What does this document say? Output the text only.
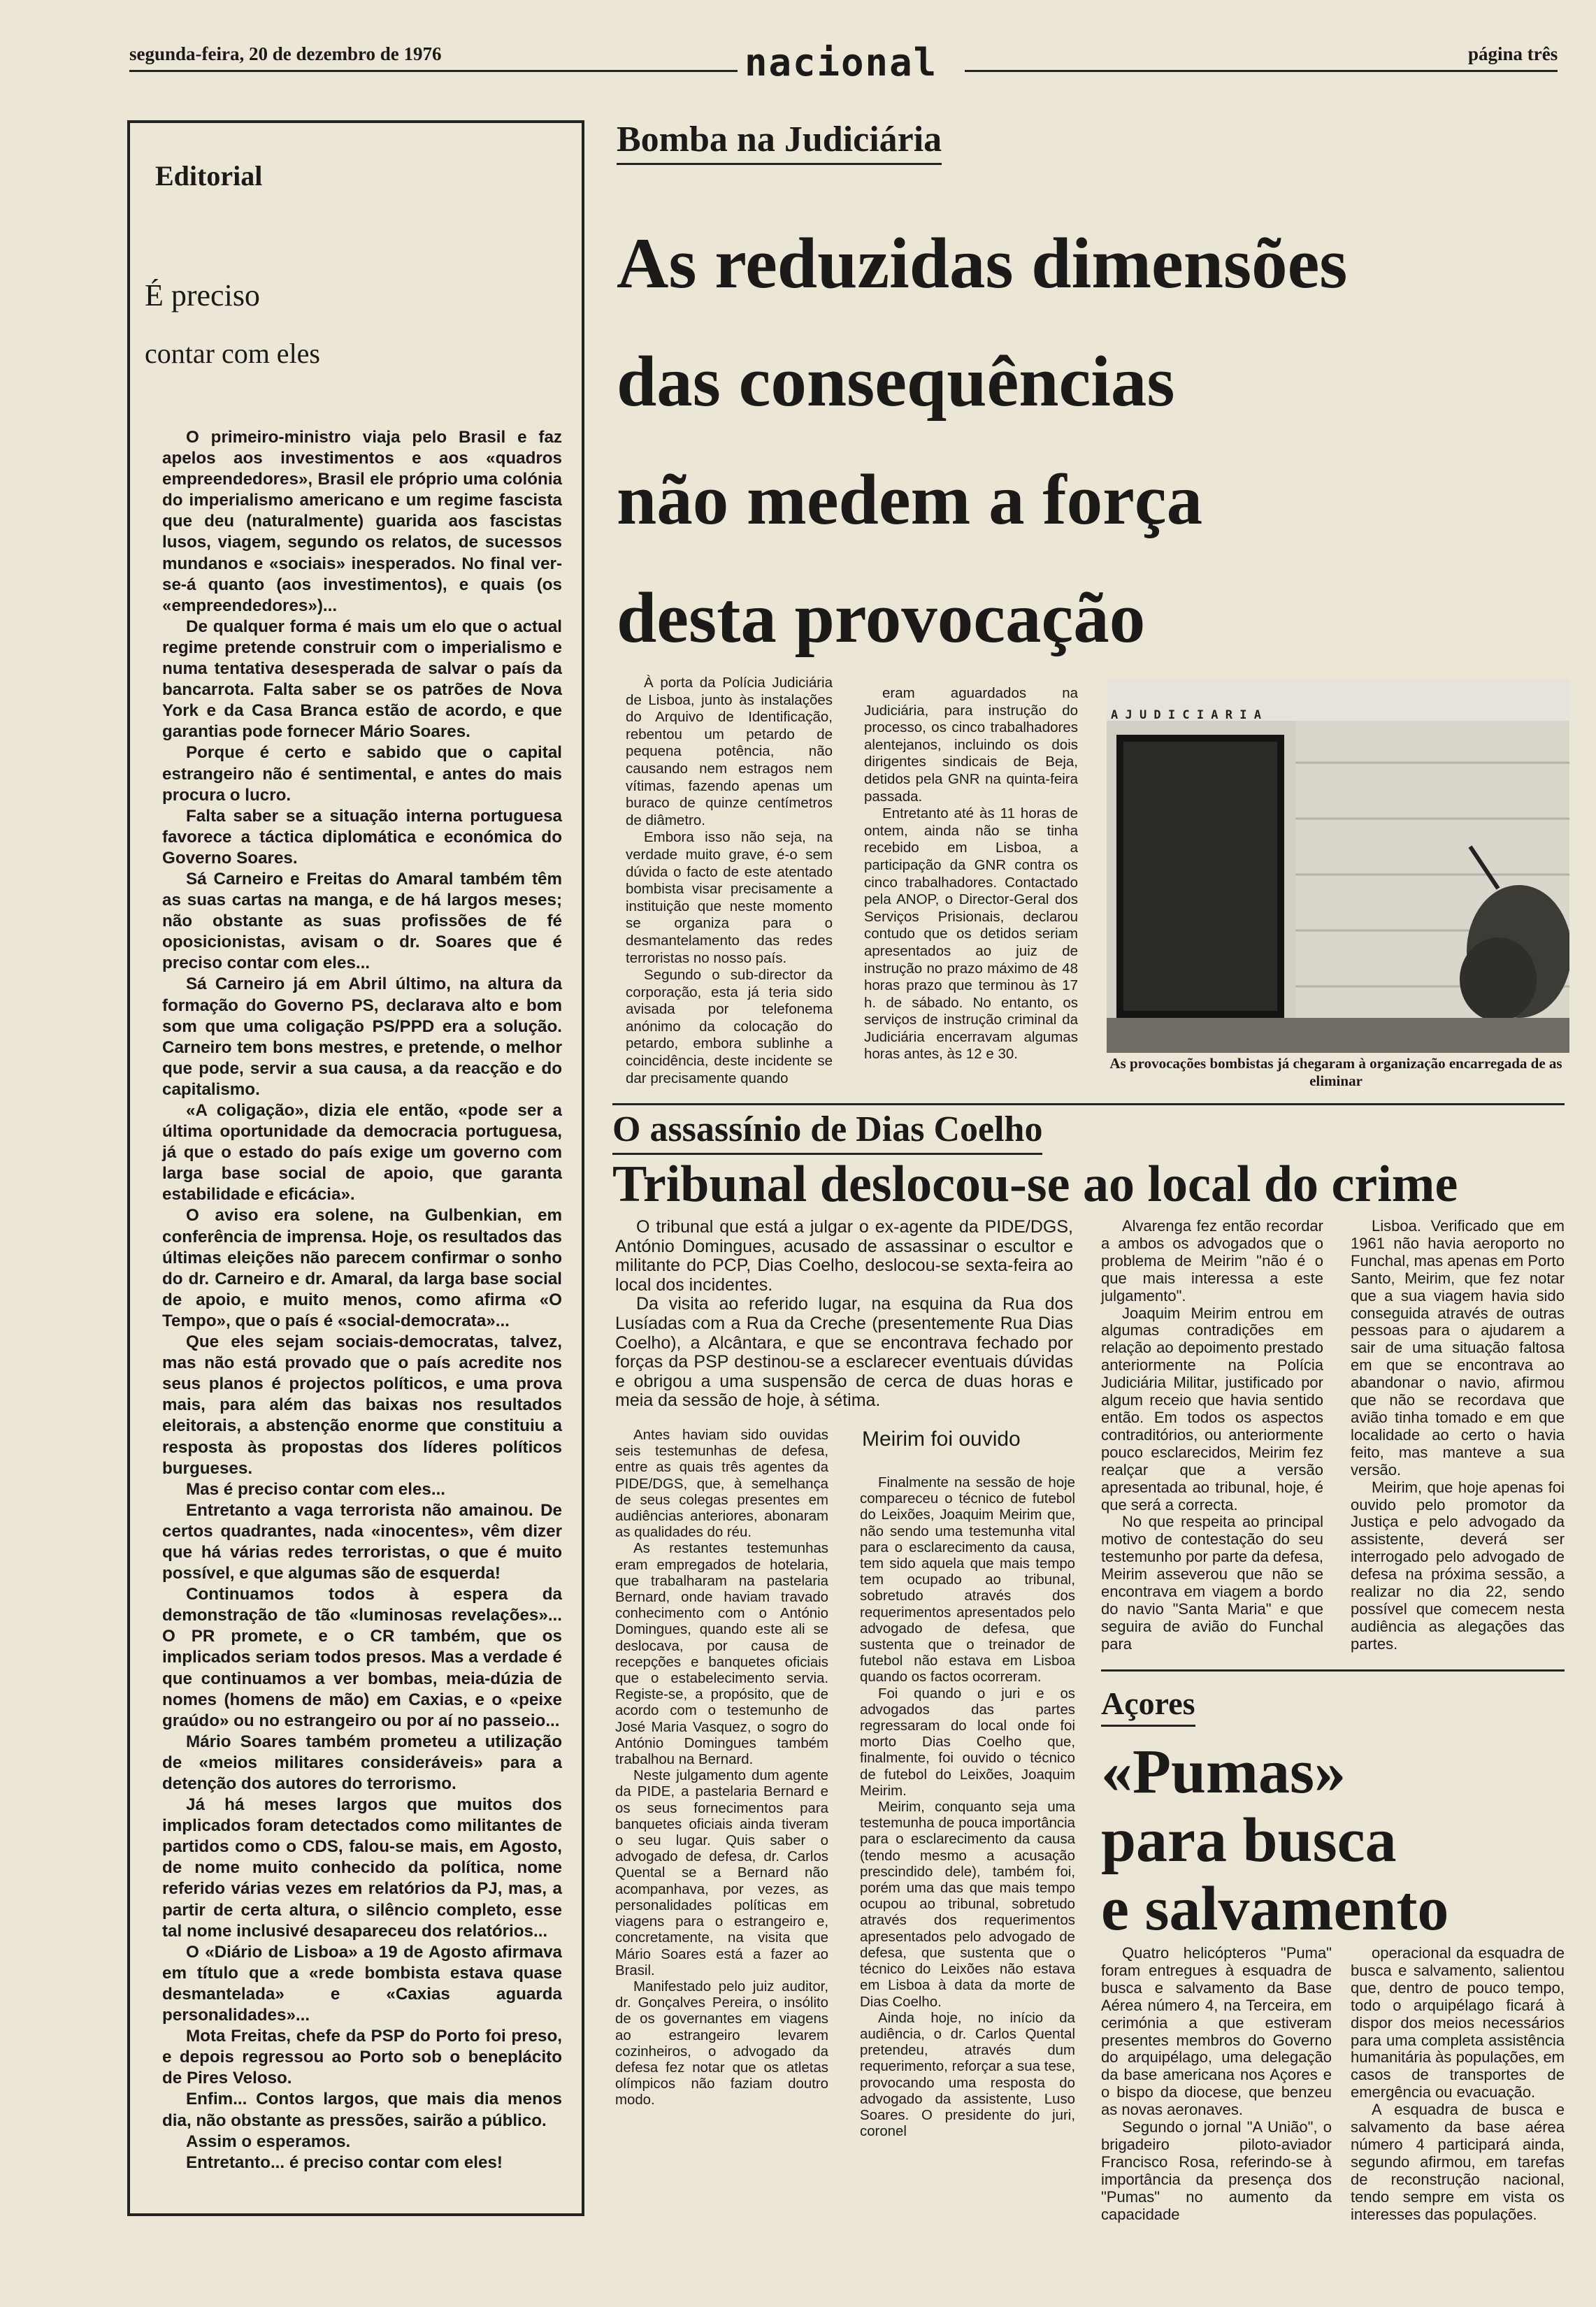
segunda-feira, 20 de dezembro de 1976	nacional	página três
Editorial
É preciso
contar com eles

O primeiro-ministro viaja pelo Brasil e faz apelos aos investimentos e aos «quadros empreendedores», Brasil ele próprio uma colónia do imperialismo americano e um regime fascista que deu (naturalmente) guarida aos fascistas lusos, viagem, segundo os relatos, de sucessos mundanos e «sociais» inesperados. No final ver-se-á quanto (aos investimentos), e quais (os «empreendedores»)...

De qualquer forma é mais um elo que o actual regime pretende construir com o imperialismo e numa tentativa desesperada de salvar o país da bancarrota. Falta saber se os patrões de Nova York e da Casa Branca estão de acordo, e que garantias pode fornecer Mário Soares.

Porque é certo e sabido que o capital estrangeiro não é sentimental, e antes do mais procura o lucro.

Falta saber se a situação interna portuguesa favorece a táctica diplomática e económica do Governo Soares.

Sá Carneiro e Freitas do Amaral também têm as suas cartas na manga, e de há largos meses; não obstante as suas profissões de fé oposicionistas, avisam o dr. Soares que é preciso contar com eles...

Sá Carneiro já em Abril último, na altura da formação do Governo PS, declarava alto e bom som que uma coligação PS/PPD era a solução. Carneiro tem bons mestres, e pretende, o melhor que pode, servir a sua causa, a da reacção e do capitalismo.

«A coligação», dizia ele então, «pode ser a última oportunidade da democracia portuguesa, já que o estado do país exige um governo com larga base social de apoio, que garanta estabilidade e eficácia».

O aviso era solene, na Gulbenkian, em conferência de imprensa. Hoje, os resultados das últimas eleições não parecem confirmar o sonho do dr. Carneiro e dr. Amaral, da larga base social de apoio, e muito menos, como afirma «O Tempo», que o país é «social-democrata»...

Que eles sejam sociais-democratas, talvez, mas não está provado que o país acredite nos seus planos é projectos políticos, e uma prova mais, para além das baixas nos resultados eleitorais, a abstenção enorme que constituiu a resposta às propostas dos líderes políticos burgueses.

Mas é preciso contar com eles...

Entretanto a vaga terrorista não amainou. De certos quadrantes, nada «inocentes», vêm dizer que há várias redes terroristas, o que é muito possível, e que algumas são de esquerda!

Continuamos todos à espera da demonstração de tão «luminosas revelações»... O PR promete, e o CR também, que os implicados seriam todos presos. Mas a verdade é que continuamos a ver bombas, meia-dúzia de nomes (homens de mão) em Caxias, e o «peixe graúdo» ou no estrangeiro ou por aí no passeio...

Mário Soares também prometeu a utilização de «meios militares consideráveis» para a detenção dos autores do terrorismo.

Já há meses largos que muitos dos implicados foram detectados como militantes de partidos como o CDS, falou-se mais, em Agosto, de nome muito conhecido da política, nome referido várias vezes em relatórios da PJ, mas, a partir de certa altura, o silêncio completo, esse tal nome inclusivé desapareceu dos relatórios...

O «Diário de Lisboa» a 19 de Agosto afirmava em título que a «rede bombista estava quase desmantelada» e «Caxias aguarda personalidades»...

Mota Freitas, chefe da PSP do Porto foi preso, e depois regressou ao Porto sob o beneplácito de Pires Veloso.

Enfim... Contos largos, que mais dia menos dia, não obstante as pressões, sairão a público.

Assim o esperamos.

Entretanto... é preciso contar com eles!

Bomba na Judiciária
As reduzidas dimensões
das consequências
não medem a força
desta provocação

À porta da Polícia Judiciária de Lisboa, junto às instalações do Arquivo de Identificação, rebentou um petardo de pequena potência, não causando nem estragos nem vítimas, fazendo apenas um buraco de quinze centímetros de diâmetro.

Embora isso não seja, na verdade muito grave, é-o sem dúvida o facto de este atentado bombista visar precisamente a instituição que neste momento se organiza para o desmantelamento das redes terroristas no nosso país.

Segundo o sub-director da corporação, esta já teria sido avisada por telefonema anónimo da colocação do petardo, embora sublinhe a coincidência, deste incidente se dar precisamente quando

eram aguardados na Judiciária, para instrução do processo, os cinco trabalhadores alentejanos, incluindo os dois dirigentes sindicais de Beja, detidos pela GNR na quinta-feira passada.

Entretanto até às 11 horas de ontem, ainda não se tinha recebido em Lisboa, a participação da GNR contra os cinco trabalhadores. Contactado pela ANOP, o Director-Geral dos Serviços Prisionais, declarou contudo que os detidos seriam apresentados ao juiz de instrução no prazo máximo de 48 horas prazo que terminou às 17 h. de sábado. No entanto, os serviços de instrução criminal da Judiciária encerravam algumas horas antes, às 12 e 30.

A J U D I C I A R I A
As provocações bombistas já chegaram à organização encarregada de as eliminar
O assassínio de Dias Coelho
Tribunal deslocou-se ao local do crime

O tribunal que está a julgar o ex-agente da PIDE/DGS, António Domingues, acusado de assassinar o escultor e militante do PCP, Dias Coelho, deslocou-se sexta-feira ao local dos incidentes.

Da visita ao referido lugar, na esquina da Rua dos Lusíadas com a Rua da Creche (presentemente Rua Dias Coelho), a Alcântara, e que se encontrava fechado por forças da PSP destinou-se a esclarecer eventuais dúvidas e obrigou a uma suspensão de cerca de duas horas e meia da sessão de hoje, à sétima.

Antes haviam sido ouvidas seis testemunhas de defesa, entre as quais três agentes da PIDE/DGS, que, à semelhança de seus colegas presentes em audiências anteriores, abonaram as qualidades do réu.

As restantes testemunhas eram empregados de hotelaria, que trabalharam na pastelaria Bernard, onde haviam travado conhecimento com o António Domingues, quando este ali se deslocava, por causa de recepções e banquetes oficiais que o estabelecimento servia. Registe-se, a propósito, que de acordo com o testemunho de José Maria Vasquez, o sogro do António Domingues também trabalhou na Bernard.

Neste julgamento dum agente da PIDE, a pastelaria Bernard e os seus fornecimentos para banquetes oficiais ainda tiveram o seu lugar. Quis saber o advogado de defesa, dr. Carlos Quental se a Bernard não acompanhava, por vezes, as personalidades políticas em viagens para o estrangeiro e, concretamente, na visita que Mário Soares está a fazer ao Brasil.

Manifestado pelo juiz auditor, dr. Gonçalves Pereira, o insólito de os governantes em viagens ao estrangeiro levarem cozinheiros, o advogado da defesa fez notar que os atletas olímpicos não faziam doutro modo.

Meirim foi ouvido

Finalmente na sessão de hoje compareceu o técnico de futebol do Leixões, Joaquim Meirim que, não sendo uma testemunha vital para o esclarecimento da causa, tem sido aquela que mais tempo tem ocupado ao tribunal, sobretudo através dos requerimentos apresentados pelo advogado de defesa, que sustenta que o treinador de futebol não estava em Lisboa quando os factos ocorreram.

Foi quando o juri e os advogados das partes regressaram do local onde foi morto Dias Coelho que, finalmente, foi ouvido o técnico de futebol do Leixões, Joaquim Meirim.

Meirim, conquanto seja uma testemunha de pouca importância para o esclarecimento da causa (tendo mesmo a acusação prescindido dele), também foi, porém uma das que mais tempo ocupou ao tribunal, sobretudo através dos requerimentos apresentados pelo advogado de defesa, que sustenta que o técnico do Leixões não estava em Lisboa à data da morte de Dias Coelho.

Ainda hoje, no início da audiência, o dr. Carlos Quental pretendeu, através dum requerimento, reforçar a sua tese, provocando uma resposta do advogado da assistente, Luso Soares. O presidente do juri, coronel

Alvarenga fez então recordar a ambos os advogados que o problema de Meirim "não é o que mais interessa a este julgamento".

Joaquim Meirim entrou em algumas contradições em relação ao depoimento prestado anteriormente na Polícia Judiciária Militar, justificado por algum receio que havia sentido então. Em todos os aspectos contraditórios, ou anteriormente pouco esclarecidos, Meirim fez realçar que a versão apresentada ao tribunal, hoje, é que será a correcta.

No que respeita ao principal motivo de contestação do seu testemunho por parte da defesa, Meirim asseverou que não se encontrava em viagem a bordo do navio "Santa Maria" e que seguira de avião do Funchal para

Lisboa. Verificado que em 1961 não havia aeroporto no Funchal, mas apenas em Porto Santo, Meirim, que fez notar que a sua viagem havia sido conseguida através de outras pessoas para o ajudarem a sair de uma situação faltosa em que se encontrava ao abandonar o navio, afirmou que não se recordava que avião tinha tomado e em que localidade ao certo o havia feito, mas manteve a sua versão.

Meirim, que hoje apenas foi ouvido pelo promotor da Justiça e pelo advogado da assistente, deverá ser interrogado pelo advogado de defesa na próxima sessão, a realizar no dia 22, sendo possível que comecem nesta audiência as alegações das partes.

Açores
«Pumas»
para busca
e salvamento

Quatro helicópteros "Puma" foram entregues à esquadra de busca e salvamento da Base Aérea número 4, na Terceira, em cerimónia a que estiveram presentes membros do Governo do arquipélago, uma delegação da base americana nos Açores e o bispo da diocese, que benzeu as novas aeronaves.

Segundo o jornal "A União", o brigadeiro piloto-aviador Francisco Rosa, referindo-se à importância da presença dos "Pumas" no aumento da capacidade

operacional da esquadra de busca e salvamento, salientou que, dentro de pouco tempo, todo o arquipélago ficará à dispor dos meios necessários para uma completa assistência humanitária às populações, em casos de transportes de emergência ou evacuação.

A esquadra de busca e salvamento da base aérea número 4 participará ainda, segundo afirmou, em tarefas de reconstrução nacional, tendo sempre em vista os interesses das populações.
